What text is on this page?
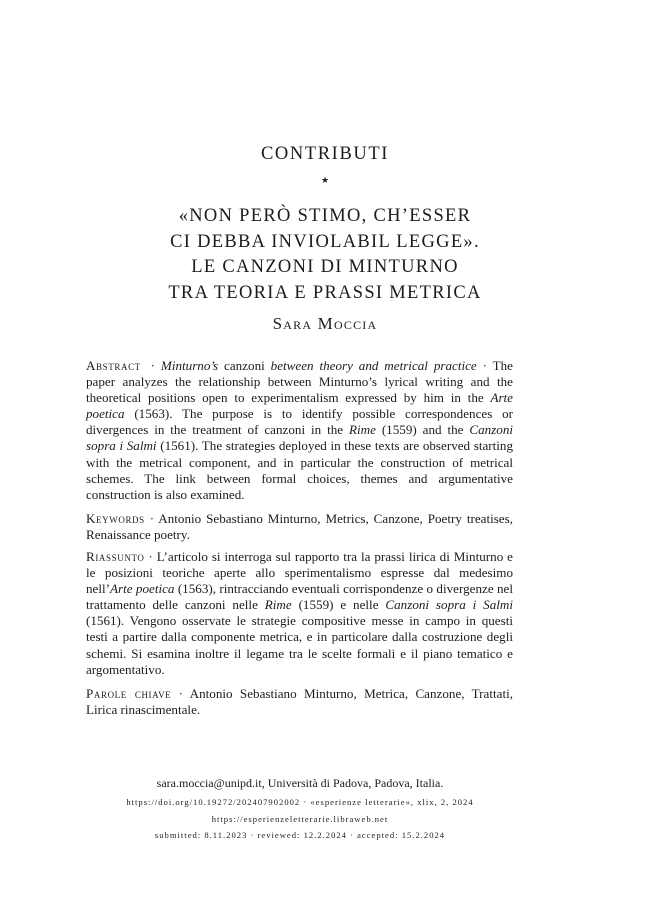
CONTRIBUTI
★
«NON PERÒ STIMO, CH’ESSER
CI DEBBA INVIOLABIL LEGGE».
LE CANZONI DI MINTURNO
TRA TEORIA E PRASSI METRICA
Sara Moccia
Abstract · Minturno’s canzoni between theory and metrical practice · The paper analyzes the relationship between Minturno’s lyrical writing and the theoretical positions open to experimentalism expressed by him in the Arte poetica (1563). The purpose is to identify possible correspondences or divergences in the treatment of canzoni in the Rime (1559) and the Canzoni sopra i Salmi (1561). The strategies deployed in these texts are observed starting with the metrical component, and in particular the construction of metrical schemes. The link between formal choices, themes and argumentative construction is also examined.
Keywords · Antonio Sebastiano Minturno, Metrics, Canzone, Poetry treatises, Renaissance poetry.
Riassunto · L’articolo si interroga sul rapporto tra la prassi lirica di Minturno e le posizioni teoriche aperte allo sperimentalismo espresse dal medesimo nell’Arte poetica (1563), rintracciando eventuali corrispondenze o divergenze nel trattamento delle canzoni nelle Rime (1559) e nelle Canzoni sopra i Salmi (1561). Vengono osservate le strategie compositive messe in campo in questi testi a partire dalla componente metrica, e in particolare dalla costruzione degli schemi. Si esamina inoltre il legame tra le scelte formali e il piano tematico e argomentativo.
Parole chiave · Antonio Sebastiano Minturno, Metrica, Canzone, Trattati, Lirica rinascimentale.
sara.moccia@unipd.it, Università di Padova, Padova, Italia.
https://doi.org/10.19272/202407902002 · «esperienze letterarie», xlix, 2, 2024
https://esperienzeletterarie.libraweb.net
submitted: 8.11.2023 · reviewed: 12.2.2024 · accepted: 15.2.2024
